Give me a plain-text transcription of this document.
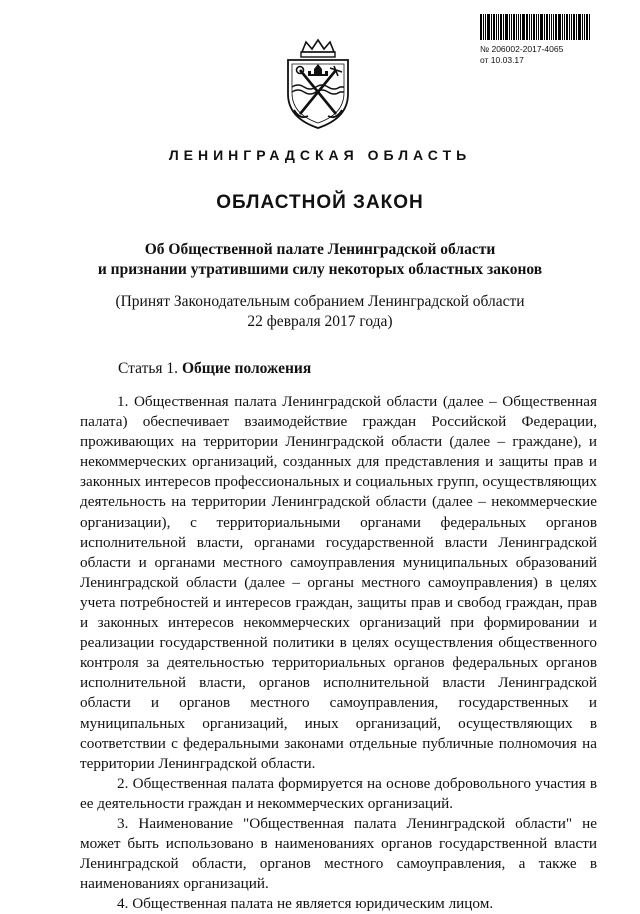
№ 206002-2017-4065
от 10.03.17
ЛЕНИНГРАДСКАЯ ОБЛАСТЬ
ОБЛАСТНОЙ ЗАКОН
Об Общественной палате Ленинградской области
и признании утратившими силу некоторых областных законов
(Принят Законодательным собранием Ленинградской области
22 февраля 2017 года)
Статья 1. Общие положения

1. Общественная палата Ленинградской области (далее – Общественная палата) обеспечивает взаимодействие граждан Российской Федерации, проживающих на территории Ленинградской области (далее – граждане), и некоммерческих организаций, созданных для представления и защиты прав и законных интересов профессиональных и социальных групп, осуществляющих деятельность на территории Ленинградской области (далее – некоммерческие организации), с территориальными органами федеральных органов исполнительной власти, органами государственной власти Ленинградской области и органами местного самоуправления муниципальных образований Ленинградской области (далее – органы местного самоуправления) в целях учета потребностей и интересов граждан, защиты прав и свобод граждан, прав и законных интересов некоммерческих организаций при формировании и реализации государственной политики в целях осуществления общественного контроля за деятельностью территориальных органов федеральных органов исполнительной власти, органов исполнительной власти Ленинградской области и органов местного самоуправления, государственных и муниципальных организаций, иных организаций, осуществляющих в соответствии с федеральными законами отдельные публичные полномочия на территории Ленинградской области.

2. Общественная палата формируется на основе добровольного участия в ее деятельности граждан и некоммерческих организаций.

3. Наименование "Общественная палата Ленинградской области" не может быть использовано в наименованиях органов государственной власти Ленинградской области, органов местного самоуправления, а также в наименованиях организаций.

4. Общественная палата не является юридическим лицом.
